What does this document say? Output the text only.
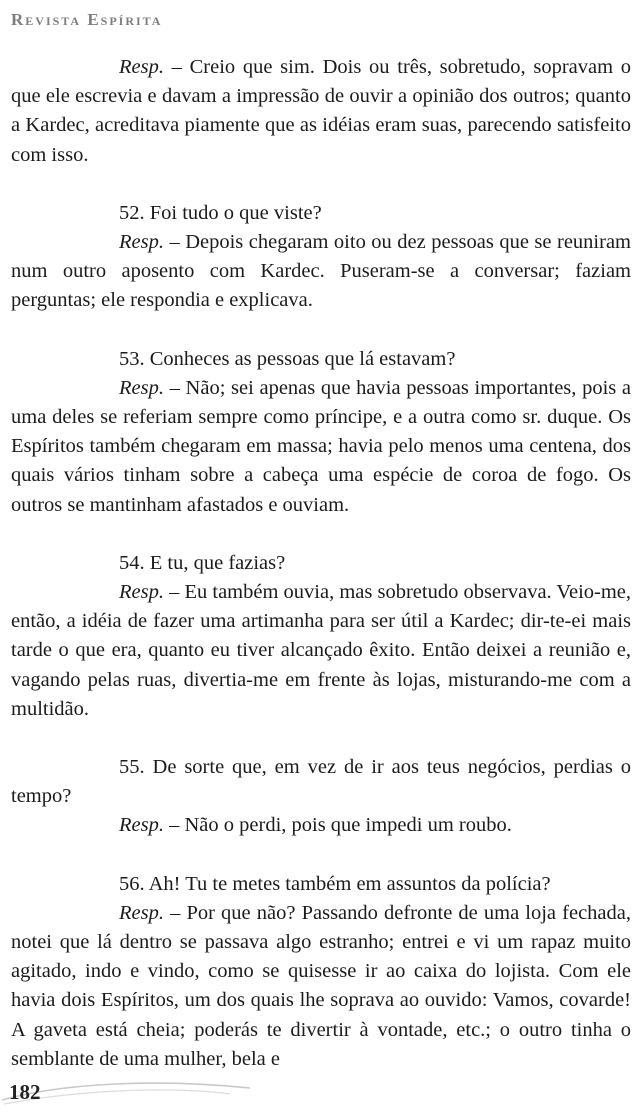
Revista Espírita

Resp. – Creio que sim. Dois ou três, sobretudo, sopravam o que ele escrevia e davam a impressão de ouvir a opinião dos outros; quanto a Kardec, acreditava piamente que as idéias eram suas, parecendo satisfeito com isso.

52. Foi tudo o que viste?

Resp. – Depois chegaram oito ou dez pessoas que se reuniram num outro aposento com Kardec. Puseram-se a conversar; faziam perguntas; ele respondia e explicava.

53. Conheces as pessoas que lá estavam?

Resp. – Não; sei apenas que havia pessoas importantes, pois a uma deles se referiam sempre como príncipe, e a outra como sr. duque. Os Espíritos também chegaram em massa; havia pelo menos uma centena, dos quais vários tinham sobre a cabeça uma espécie de coroa de fogo. Os outros se mantinham afastados e ouviam.

54. E tu, que fazias?

Resp. – Eu também ouvia, mas sobretudo observava. Veio-me, então, a idéia de fazer uma artimanha para ser útil a Kardec; dir-te-ei mais tarde o que era, quanto eu tiver alcançado êxito. Então deixei a reunião e, vagando pelas ruas, divertia-me em frente às lojas, misturando-me com a multidão.

55. De sorte que, em vez de ir aos teus negócios, perdias o tempo?

Resp. – Não o perdi, pois que impedi um roubo.

56. Ah! Tu te metes também em assuntos da polícia?

Resp. – Por que não? Passando defronte de uma loja fechada, notei que lá dentro se passava algo estranho; entrei e vi um rapaz muito agitado, indo e vindo, como se quisesse ir ao caixa do lojista. Com ele havia dois Espíritos, um dos quais lhe soprava ao ouvido: Vamos, covarde! A gaveta está cheia; poderás te divertir à vontade, etc.; o outro tinha o semblante de uma mulher, bela e

182
